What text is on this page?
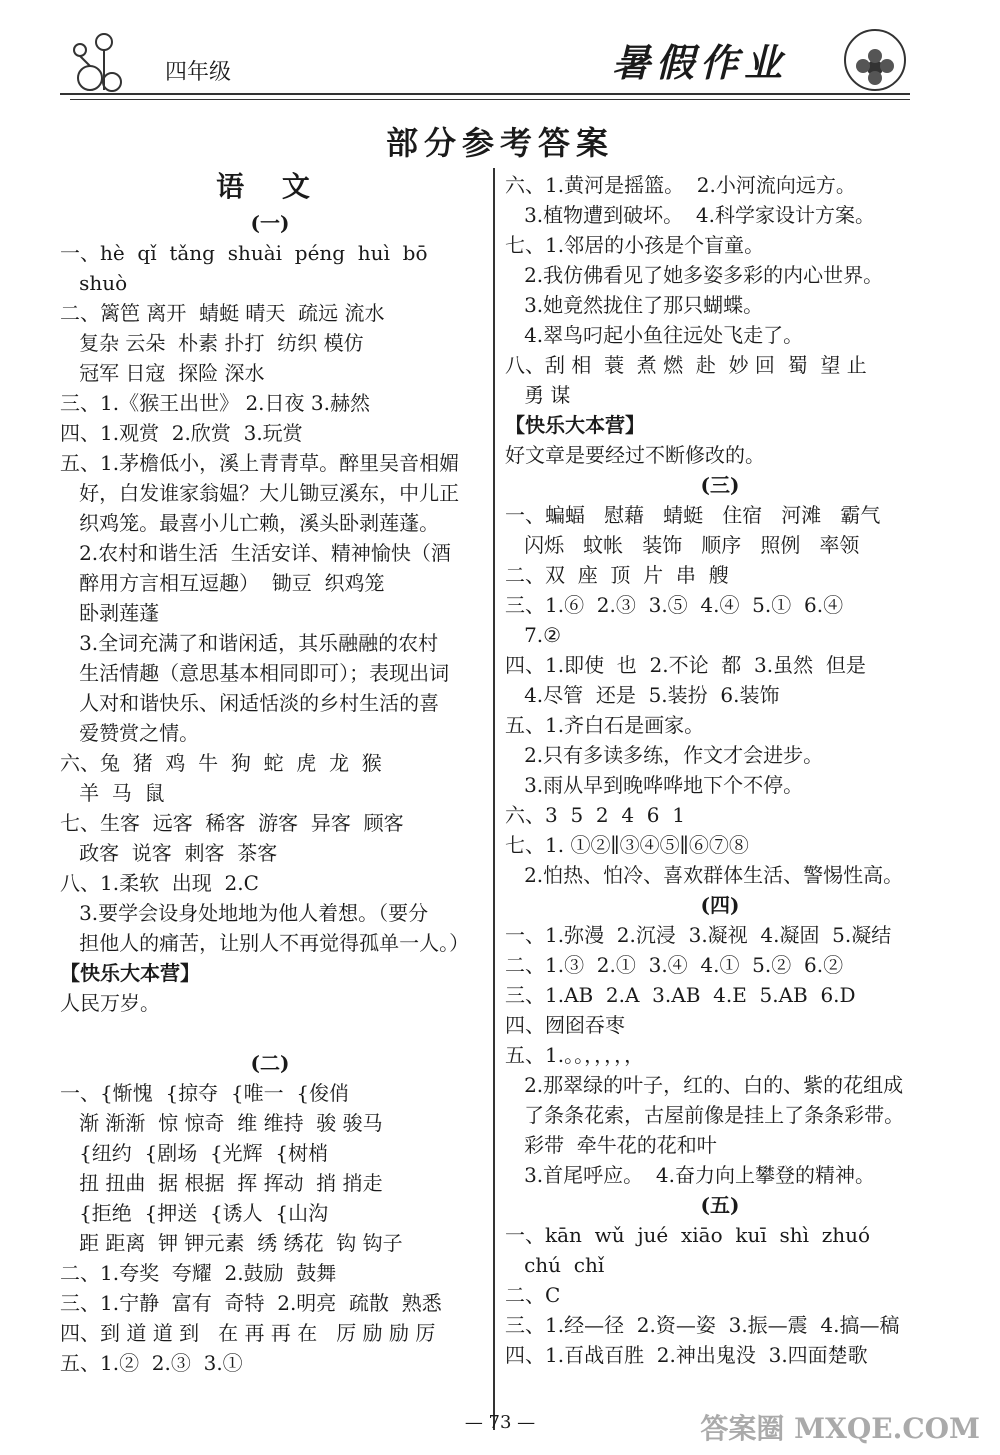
四年级	暑假作业
部分参考答案
语 文
(一)
一、hè  qǐ  tǎng  shuài  péng  huì  bō
shuò
二、篱笆 离开  蜻蜓 晴天  疏远 流水
复杂 云朵  朴素 扑打  纺织 模仿
冠军 日寇  探险 深水
三、1.《猴王出世》 2.日夜 3.赫然
四、1.观赏  2.欣赏  3.玩赏
五、1.茅檐低小，溪上青青草。醉里吴音相媚
好，白发谁家翁媪？大儿锄豆溪东，中儿正
织鸡笼。最喜小儿亡赖，溪头卧剥莲蓬。
2.农村和谐生活  生活安详、精神愉快（酒
醉用方言相互逗趣）  锄豆  织鸡笼
卧剥莲蓬
3.全词充满了和谐闲适，其乐融融的农村
生活情趣（意思基本相同即可）；表现出词
人对和谐快乐、闲适恬淡的乡村生活的喜
爱赞赏之情。
六、兔  猪  鸡  牛  狗  蛇  虎  龙  猴
羊  马  鼠
七、生客  远客  稀客  游客  异客  顾客
政客  说客  刺客  茶客
八、1.柔软  出现  2.C
3.要学会设身处地地为他人着想。（要分
担他人的痛苦，让别人不再觉得孤单一人。）
【快乐大本营】
人民万岁。
(二)
一、{惭愧  {掠夺  {唯一  {俊俏
渐 渐渐  惊 惊奇  维 维持  骏 骏马
{纽约  {剧场  {光辉  {树梢
扭 扭曲  据 根据  挥 挥动  捎 捎走
{拒绝  {押送  {诱人  {山沟
距 距离  钾 钾元素  绣 绣花  钩 钩子
二、1.夸奖  夸耀  2.鼓励  鼓舞
三、1.宁静  富有  奇特  2.明亮  疏散  熟悉
四、到 道 道 到   在 再 再 在   厉 励 励 厉
五、1.②  2.③  3.①
六、1.黄河是摇篮。  2.小河流向远方。
3.植物遭到破坏。  4.科学家设计方案。
七、1.邻居的小孩是个盲童。
2.我仿佛看见了她多姿多彩的内心世界。
3.她竟然拢住了那只蝴蝶。
4.翠鸟叼起小鱼往远处飞走了。
八、刮 相  蓑  煮 燃  赴  妙 回  蜀  望 止
勇 谋
【快乐大本营】
好文章是要经过不断修改的。
(三)
一、蝙蝠   慰藉   蜻蜓   住宿   河滩   霸气
闪烁   蚊帐   装饰   顺序   照例   率领
二、双  座  顶  片  串  艘
三、1.⑥  2.③  3.⑤  4.④  5.①  6.④
7.②
四、1.即使  也  2.不论  都  3.虽然  但是
4.尽管  还是  5.装扮  6.装饰
五、1.齐白石是画家。
2.只有多读多练，作文才会进步。
3.雨从早到晚哗哗地下个不停。
六、3  5  2  4  6  1
七、1. ①②∥③④⑤∥⑥⑦⑧
2.怕热、怕冷、喜欢群体生活、警惕性高。
(四)
一、1.弥漫  2.沉浸  3.凝视  4.凝固  5.凝结
二、1.③  2.①  3.④  4.①  5.②  6.②
三、1.AB  2.A  3.AB  4.E  5.AB  6.D
四、囫囵吞枣
五、1.。。，，，，，
2.那翠绿的叶子，红的、白的、紫的花组成
了条条花索，古屋前像是挂上了条条彩带。
彩带  牵牛花的花和叶
3.首尾呼应。  4.奋力向上攀登的精神。
(五)
一、kān  wǔ  jué  xiāo  kuī  shì  zhuó
chú  chǐ
二、C
三、1.经—径  2.资—姿  3.振—震  4.搞—稿
四、1.百战百胜  2.神出鬼没  3.四面楚歌
— 73 —	答案圈 MXQE.COM
